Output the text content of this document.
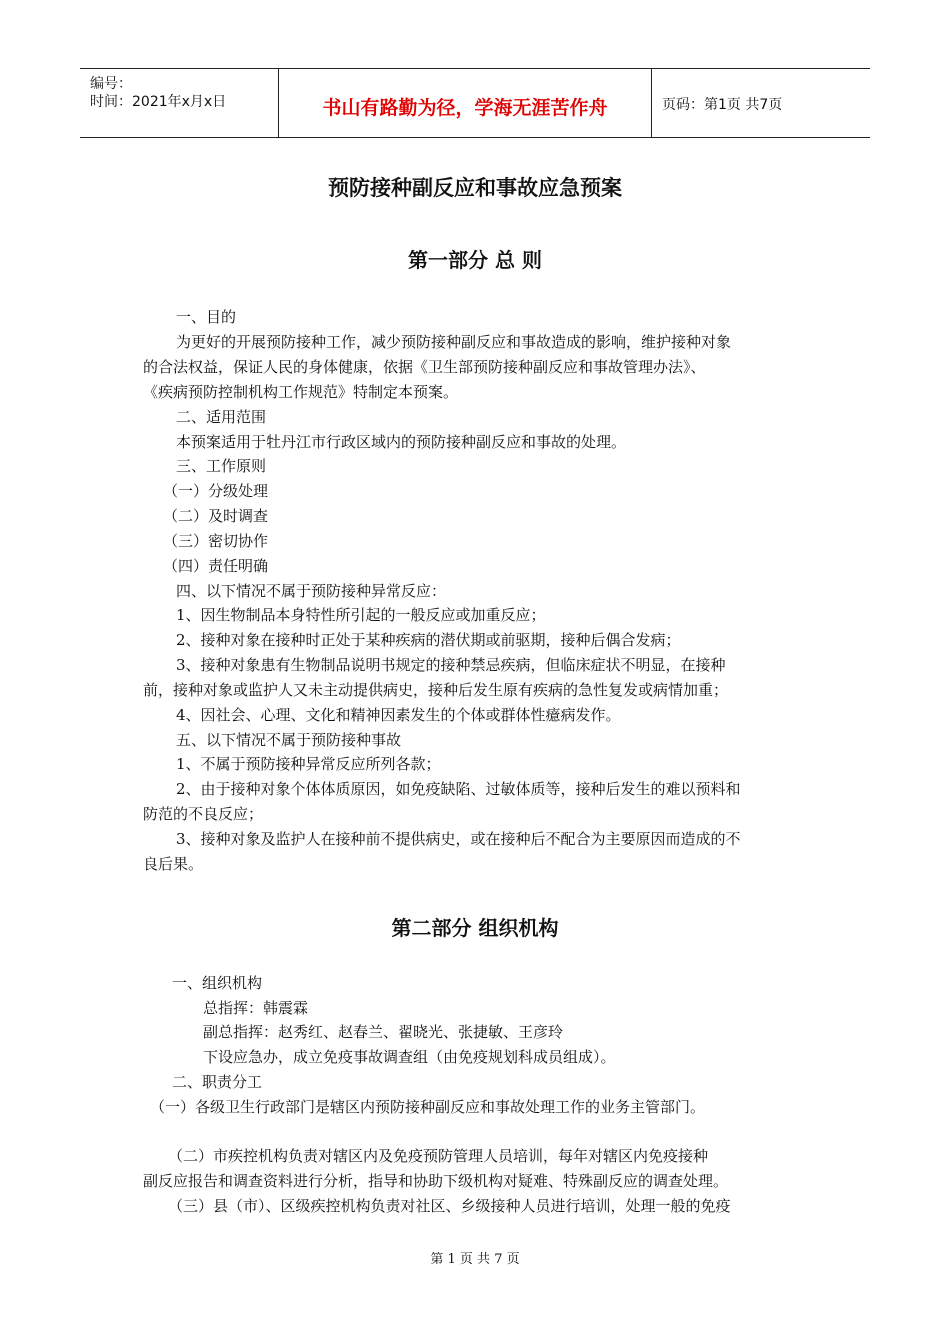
编号：
时间：2021年x月x日	书山有路勤为径，学海无涯苦作舟	页码：第1页 共7页
预防接种副反应和事故应急预案
第一部分 总 则
一、目的
为更好的开展预防接种工作，减少预防接种副反应和事故造成的影响，维护接种对象
的合法权益，保证人民的身体健康，依据《卫生部预防接种副反应和事故管理办法》、
《疾病预防控制机构工作规范》特制定本预案。
二、适用范围
本预案适用于牡丹江市行政区域内的预防接种副反应和事故的处理。
三、工作原则
（一）分级处理
（二）及时调查
（三）密切协作
（四）责任明确
四、以下情况不属于预防接种异常反应：
1、因生物制品本身特性所引起的一般反应或加重反应；
2、接种对象在接种时正处于某种疾病的潜伏期或前驱期，接种后偶合发病；
3、接种对象患有生物制品说明书规定的接种禁忌疾病，但临床症状不明显，在接种
前，接种对象或监护人又未主动提供病史，接种后发生原有疾病的急性复发或病情加重；
4、因社会、心理、文化和精神因素发生的个体或群体性癔病发作。
五、以下情况不属于预防接种事故
1、不属于预防接种异常反应所列各款；
2、由于接种对象个体体质原因，如免疫缺陷、过敏体质等，接种后发生的难以预料和
防范的不良反应；
3、接种对象及监护人在接种前不提供病史，或在接种后不配合为主要原因而造成的不
良后果。
第二部分 组织机构
一、组织机构
总指挥：韩震霖
副总指挥：赵秀红、赵春兰、翟晓光、张捷敏、王彦玲
下设应急办，成立免疫事故调查组（由免疫规划科成员组成）。
二、职责分工
（一）各级卫生行政部门是辖区内预防接种副反应和事故处理工作的业务主管部门。
（二）市疾控机构负责对辖区内及免疫预防管理人员培训，每年对辖区内免疫接种
副反应报告和调查资料进行分析，指导和协助下级机构对疑难、特殊副反应的调查处理。
（三）县（市）、区级疾控机构负责对社区、乡级接种人员进行培训，处理一般的免疫
第 1 页 共 7 页
